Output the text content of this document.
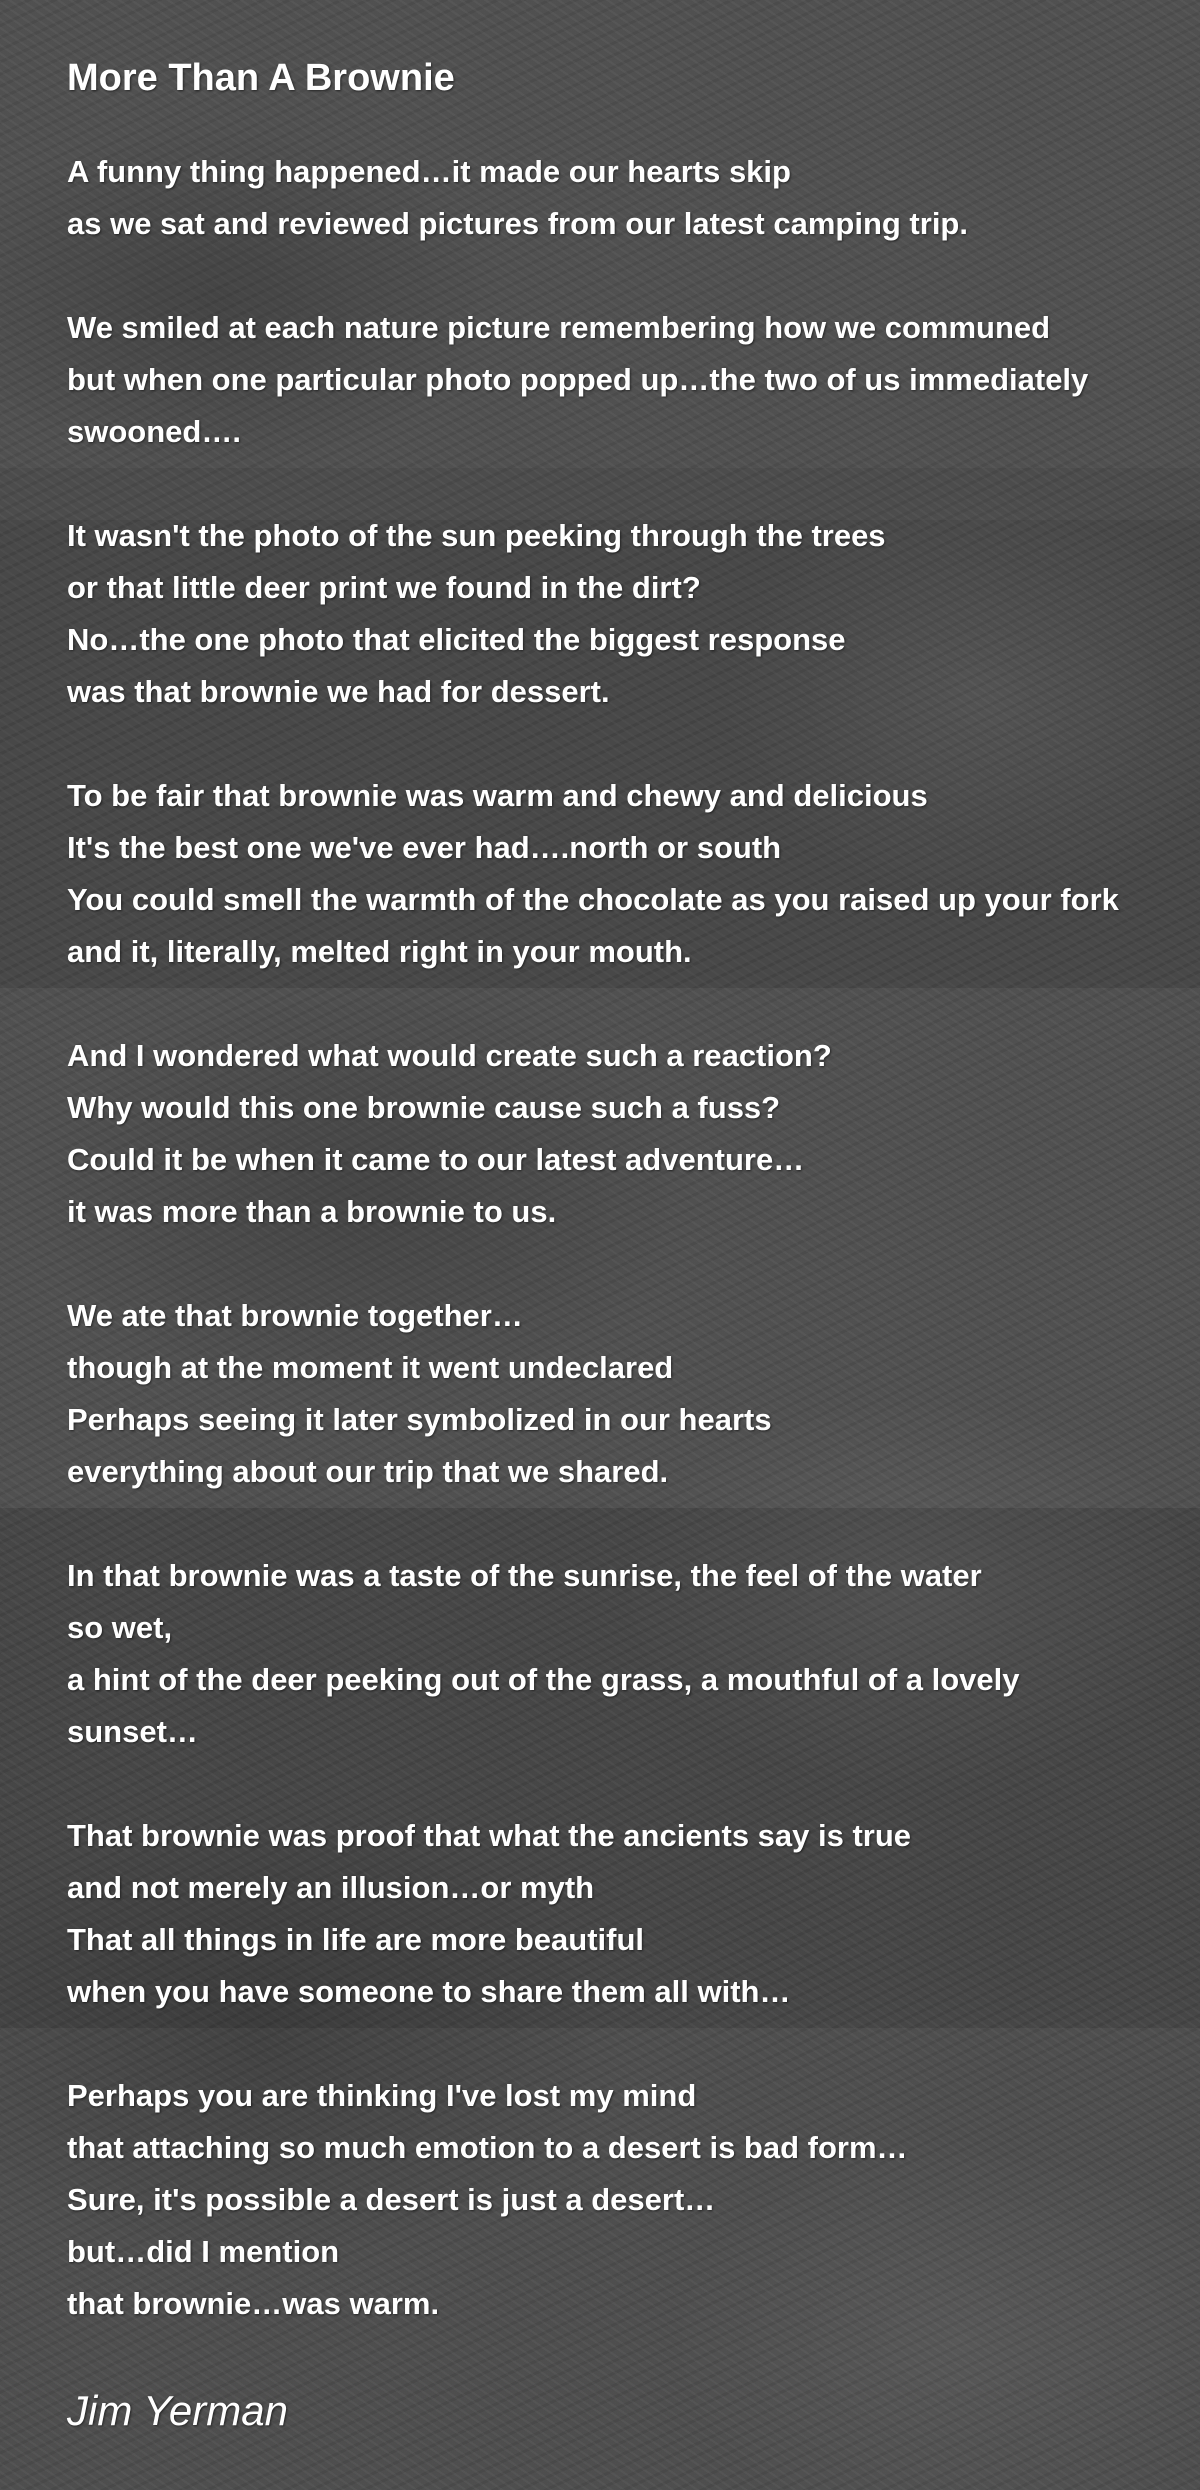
More Than A Brownie
A funny thing happened…it made our hearts skip
as we sat and reviewed pictures from our latest camping trip.
We smiled at each nature picture remembering how we communed
but when one particular photo popped up…the two of us immediately
swooned….
It wasn't the photo of the sun peeking through the trees
or that little deer print we found in the dirt?
No…the one photo that elicited the biggest response
was that brownie we had for dessert.
To be fair that brownie was warm and chewy and delicious
It's the best one we've ever had….north or south
You could smell the warmth of the chocolate as you raised up your fork
and it, literally, melted right in your mouth.
And I wondered what would create such a reaction?
Why would this one brownie cause such a fuss?
Could it be when it came to our latest adventure…
it was more than a brownie to us.
We ate that brownie together…
though at the moment it went undeclared
Perhaps seeing it later symbolized in our hearts
everything about our trip that we shared.
In that brownie was a taste of the sunrise, the feel of the water
so wet,
a hint of the deer peeking out of the grass, a mouthful of a lovely
sunset…
That brownie was proof that what the ancients say is true
and not merely an illusion…or myth
That all things in life are more beautiful
when you have someone to share them all with…
Perhaps you are thinking I've lost my mind
that attaching so much emotion to a desert is bad form…
Sure, it's possible a desert is just a desert…
but…did I mention
that brownie…was warm.

Jim Yerman
